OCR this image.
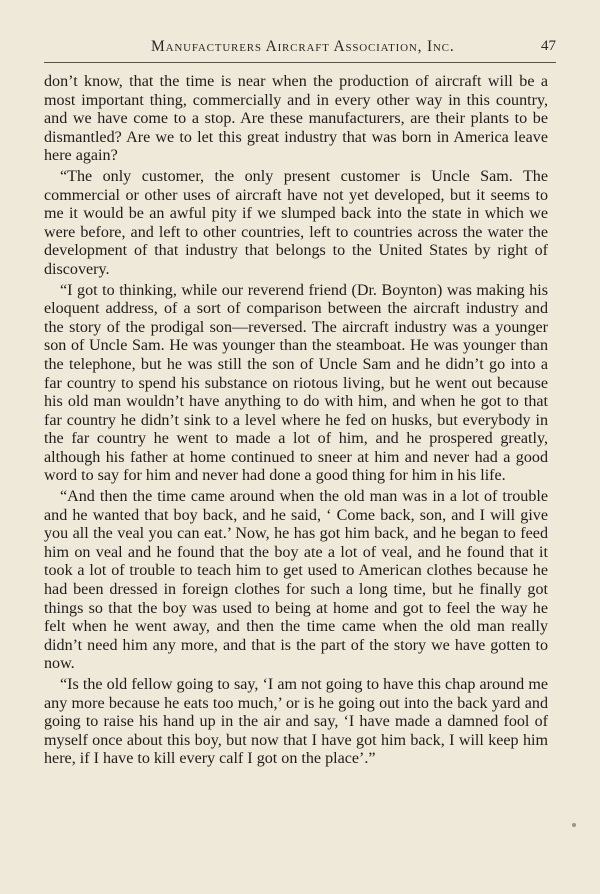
Manufacturers Aircraft Association, Inc.	47

don’t know, that the time is near when the production of aircraft will be a most important thing, commercially and in every other way in this country, and we have come to a stop. Are these manufacturers, are their plants to be dismantled? Are we to let this great industry that was born in America leave here again?

“The only customer, the only present customer is Uncle Sam. The commercial or other uses of aircraft have not yet developed, but it seems to me it would be an awful pity if we slumped back into the state in which we were before, and left to other countries, left to countries across the water the development of that industry that belongs to the United States by right of discovery.

“I got to thinking, while our reverend friend (Dr. Boynton) was making his eloquent address, of a sort of comparison between the aircraft industry and the story of the prodigal son—reversed. The aircraft industry was a younger son of Uncle Sam. He was younger than the steamboat. He was younger than the telephone, but he was still the son of Uncle Sam and he didn’t go into a far country to spend his substance on riotous living, but he went out because his old man wouldn’t have anything to do with him, and when he got to that far country he didn’t sink to a level where he fed on husks, but everybody in the far country he went to made a lot of him, and he prospered greatly, although his father at home continued to sneer at him and never had a good word to say for him and never had done a good thing for him in his life.

“And then the time came around when the old man was in a lot of trouble and he wanted that boy back, and he said, ‘ Come back, son, and I will give you all the veal you can eat.’ Now, he has got him back, and he began to feed him on veal and he found that the boy ate a lot of veal, and he found that it took a lot of trouble to teach him to get used to American clothes because he had been dressed in foreign clothes for such a long time, but he finally got things so that the boy was used to being at home and got to feel the way he felt when he went away, and then the time came when the old man really didn’t need him any more, and that is the part of the story we have gotten to now.

“Is the old fellow going to say, ‘I am not going to have this chap around me any more because he eats too much,’ or is he going out into the back yard and going to raise his hand up in the air and say, ‘I have made a damned fool of myself once about this boy, but now that I have got him back, I will keep him here, if I have to kill every calf I got on the place’.”
